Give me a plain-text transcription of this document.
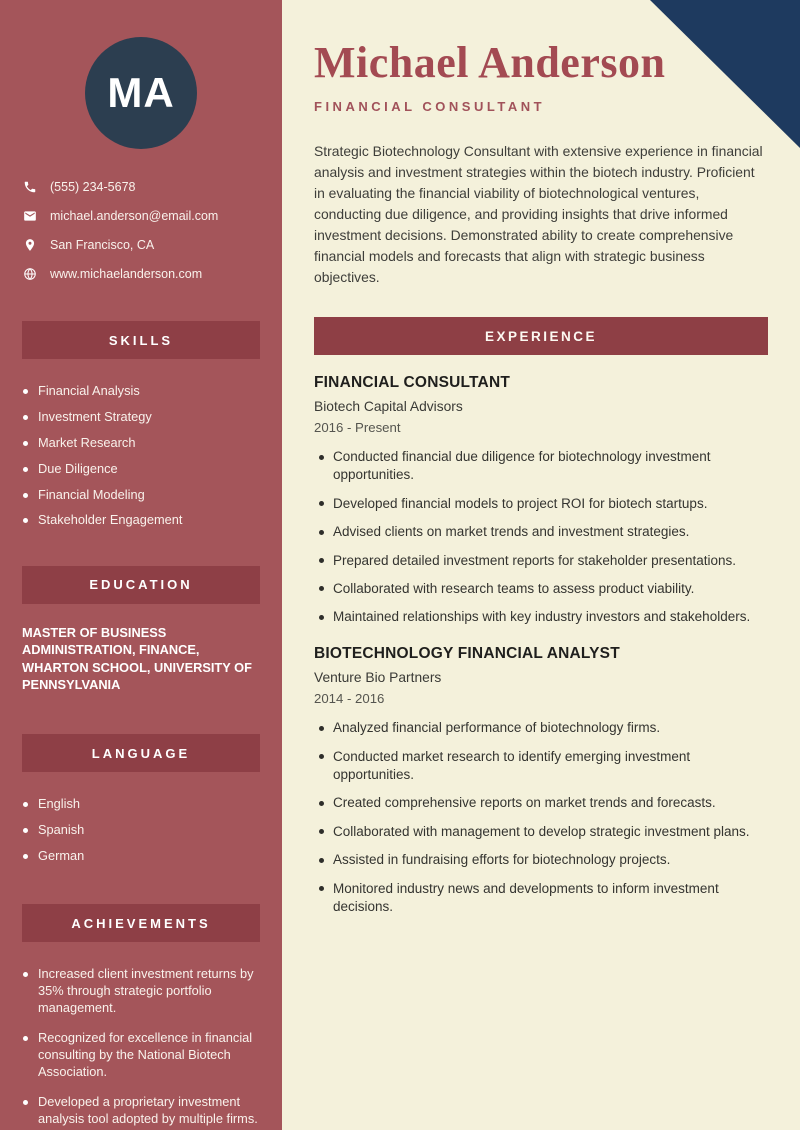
MA
(555) 234-5678
michael.anderson@email.com
San Francisco, CA
www.michaelanderson.com
SKILLS
Financial Analysis
Investment Strategy
Market Research
Due Diligence
Financial Modeling
Stakeholder Engagement
EDUCATION

MASTER OF BUSINESS ADMINISTRATION, FINANCE, WHARTON SCHOOL, UNIVERSITY OF PENNSYLVANIA

LANGUAGE
English
Spanish
German
ACHIEVEMENTS
Increased client investment returns by 35% through strategic portfolio management.
Recognized for excellence in financial consulting by the National Biotech Association.
Developed a proprietary investment analysis tool adopted by multiple firms.
Michael Anderson
FINANCIAL CONSULTANT

Strategic Biotechnology Consultant with extensive experience in financial analysis and investment strategies within the biotech industry. Proficient in evaluating the financial viability of biotechnological ventures, conducting due diligence, and providing insights that drive informed investment decisions. Demonstrated ability to create comprehensive financial models and forecasts that align with strategic business objectives.

EXPERIENCE
FINANCIAL CONSULTANT
Biotech Capital Advisors
2016 - Present
Conducted financial due diligence for biotechnology investment opportunities.
Developed financial models to project ROI for biotech startups.
Advised clients on market trends and investment strategies.
Prepared detailed investment reports for stakeholder presentations.
Collaborated with research teams to assess product viability.
Maintained relationships with key industry investors and stakeholders.
BIOTECHNOLOGY FINANCIAL ANALYST
Venture Bio Partners
2014 - 2016
Analyzed financial performance of biotechnology firms.
Conducted market research to identify emerging investment opportunities.
Created comprehensive reports on market trends and forecasts.
Collaborated with management to develop strategic investment plans.
Assisted in fundraising efforts for biotechnology projects.
Monitored industry news and developments to inform investment decisions.
